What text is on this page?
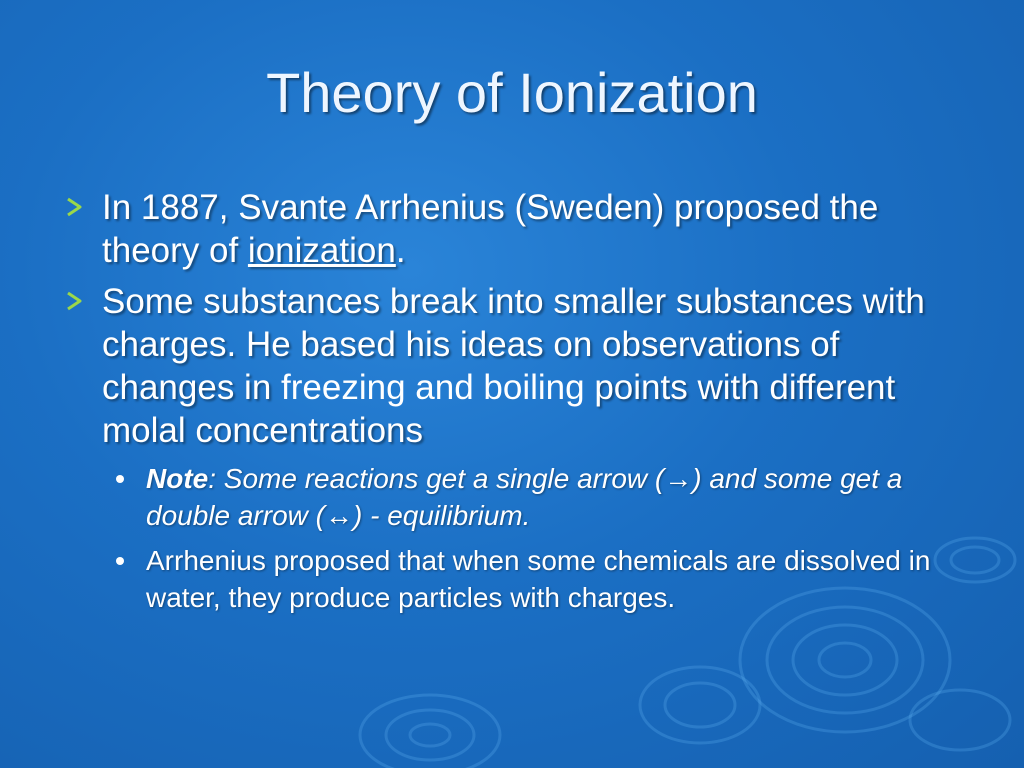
Theory of Ionization
In 1887, Svante Arrhenius (Sweden) proposed the theory of ionization.
Some substances break into smaller substances with charges. He based his ideas on observations of changes in freezing and boiling points with different molal concentrations
Note: Some reactions get a single arrow (→) and some get a double arrow (↔) - equilibrium.
Arrhenius proposed that when some chemicals are dissolved in water, they produce particles with charges.
